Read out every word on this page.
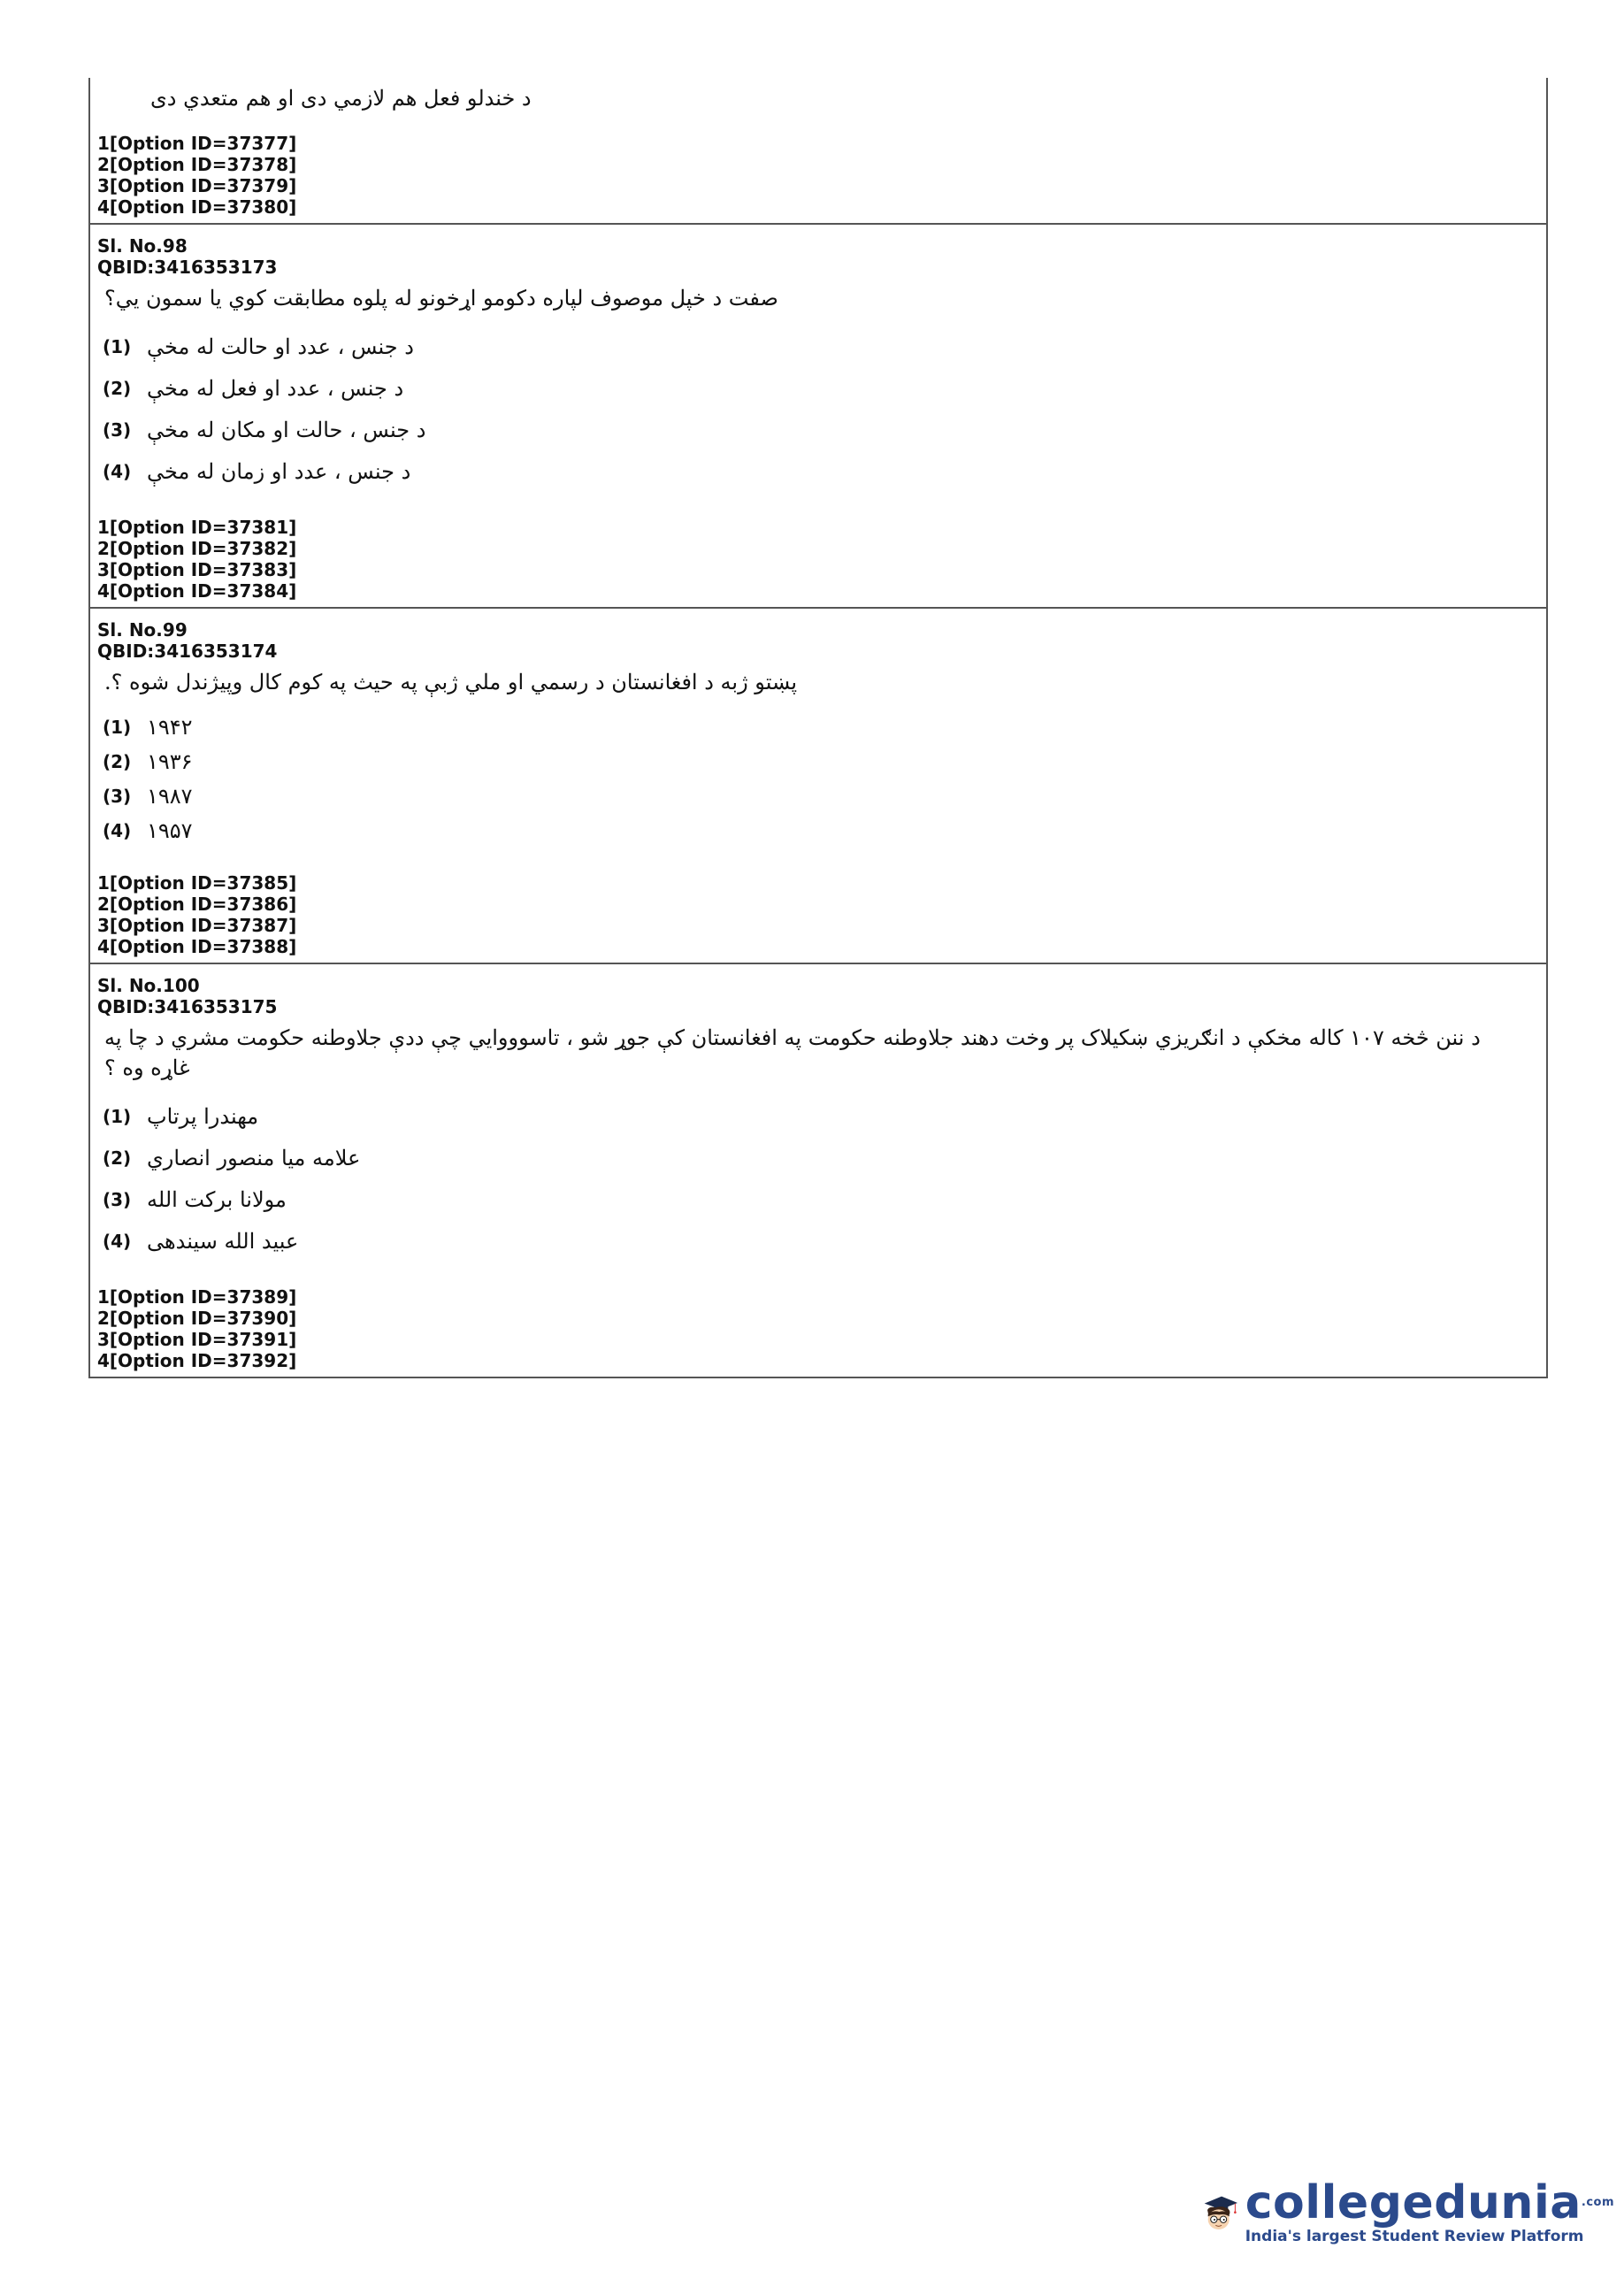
د خندلو فعل هم لازمي دی او هم متعدي دی
1[Option ID=37377]
2[Option ID=37378]
3[Option ID=37379]
4[Option ID=37380]
Sl. No.98
QBID:3416353173
صفت د خپل موصوف لپاره دکومو اړخونو له پلوه مطابقت کوي یا سمون يي؟
(1) د جنس ، عدد او حالت له مخې
(2) د جنس ، عدد او فعل له مخې
(3) د جنس ، حالت او مکان له مخې
(4) د جنس ، عدد او زمان له مخې
1[Option ID=37381]
2[Option ID=37382]
3[Option ID=37383]
4[Option ID=37384]
Sl. No.99
QBID:3416353174
پښتو ژبه د افغانستان د رسمي او ملي ژبې په حیث په کوم کال وپیژندل شوه ؟.
(1) ۱۹۴۲
(2) ۱۹۳۶
(3) ۱۹۸۷
(4) ۱۹۵۷
1[Option ID=37385]
2[Option ID=37386]
3[Option ID=37387]
4[Option ID=37388]
Sl. No.100
QBID:3416353175
د ننن څخه ۱۰۷ کاله مخکې د انګریزي ښکیلاک پر وخت دهند جلاوطنه حکومت په افغانستان کې جوړ شو ، تاسوووايي چې ددې جلاوطنه حکومت مشري د چا په غاړه وه ؟
(1) مهندرا پرتاپ
(2) علامه ميا منصور انصاري
(3) مولانا برکت الله
(4) عبید الله سيندهی
1[Option ID=37389]
2[Option ID=37390]
3[Option ID=37391]
4[Option ID=37392]
collegedunia$^{.com}$
India's largest Student Review Platform
